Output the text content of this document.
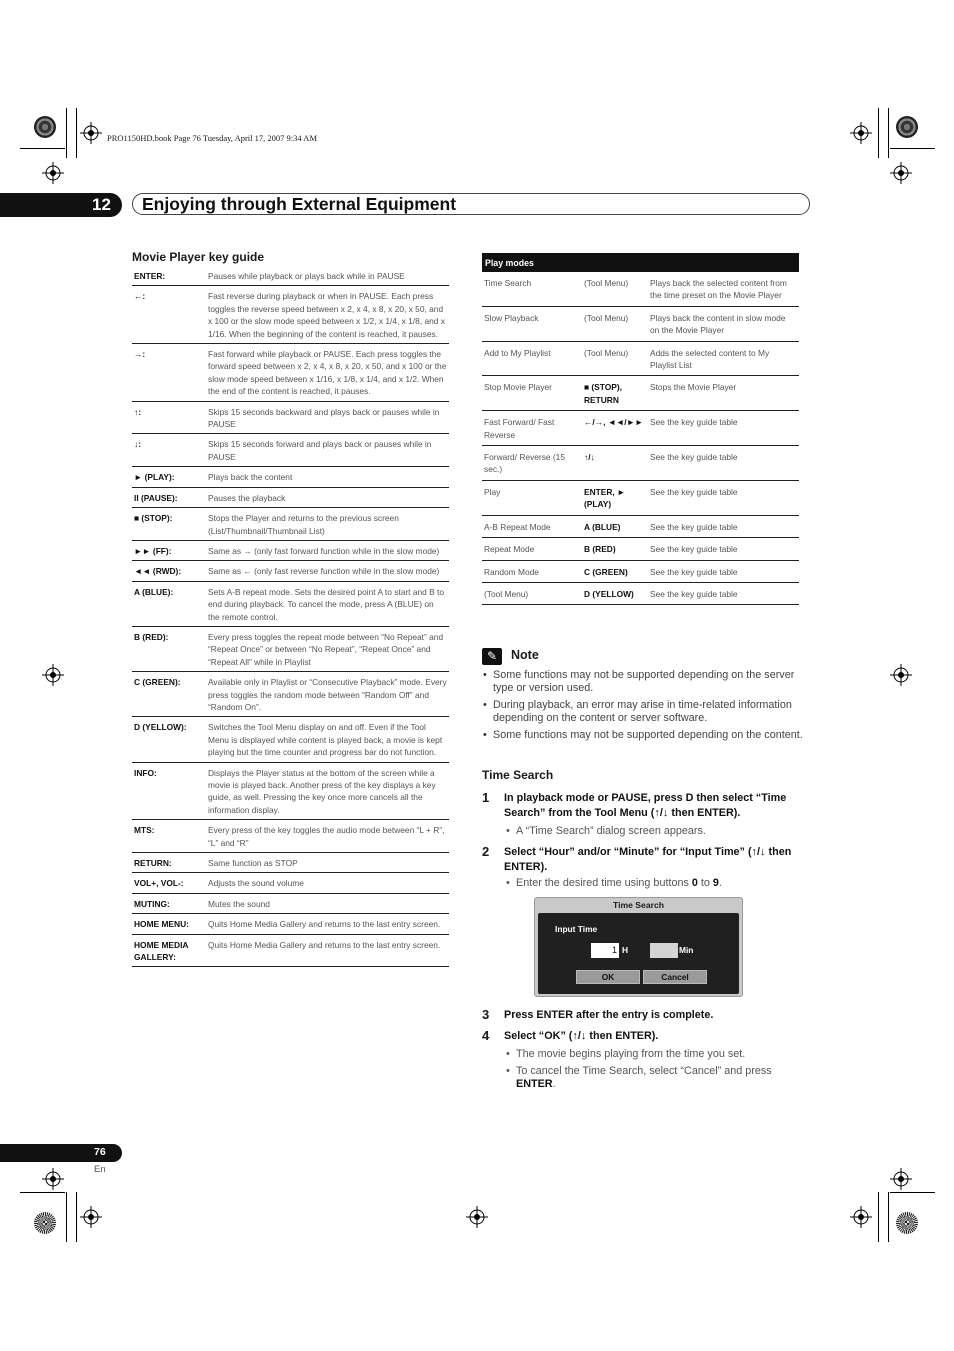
PRO1150HD.book Page 76 Tuesday, April 17, 2007 9:34 AM
12	Enjoying through External Equipment
Movie Player key guide
ENTER:	Pauses while playback or plays back while in PAUSE
←:	Fast reverse during playback or when in PAUSE. Each press toggles the reverse speed between x 2, x 4, x 8, x 20, x 50, and x 100 or the slow mode speed between x 1/2, x 1/4, x 1/8, and x 1/16. When the beginning of the content is reached, it pauses.
→:	Fast forward while playback or PAUSE. Each press toggles the forward speed between x 2, x 4, x 8, x 20, x 50, and x 100 or the slow mode speed between x 1/16, x 1/8, x 1/4, and x 1/2. When the end of the content is reached, it pauses.
↑:	Skips 15 seconds backward and plays back or pauses while in PAUSE
↓:	Skips 15 seconds forward and plays back or pauses while in PAUSE
► (PLAY):	Plays back the content
II (PAUSE):	Pauses the playback
■ (STOP):	Stops the Player and returns to the previous screen (List/Thumbnail/Thumbnail List)
►► (FF):	Same as → (only fast forward function while in the slow mode)
◄◄ (RWD):	Same as ← (only fast reverse function while in the slow mode)
A (BLUE):	Sets A-B repeat mode. Sets the desired point A to start and B to end during playback. To cancel the mode, press A (BLUE) on the remote control.
B (RED):	Every press toggles the repeat mode between “No Repeat” and “Repeat Once” or between “No Repeat”, “Repeat Once” and “Repeat All” while in Playlist
C (GREEN):	Available only in Playlist or “Consecutive Playback” mode. Every press toggles the random mode between “Random Off” and “Random On”.
D (YELLOW):	Switches the Tool Menu display on and off. Even if the Tool Menu is displayed while content is played back, a movie is kept playing but the time counter and progress bar do not function.
INFO:	Displays the Player status at the bottom of the screen while a movie is played back. Another press of the key displays a key guide, as well. Pressing the key once more cancels all the information display.
MTS:	Every press of the key toggles the audio mode between “L + R”, “L” and “R”
RETURN:	Same function as STOP
VOL+, VOL-:	Adjusts the sound volume
MUTING:	Mutes the sound
HOME MENU:	Quits Home Media Gallery and returns to the last entry screen.
HOME MEDIA GALLERY:	Quits Home Media Gallery and returns to the last entry screen.
Play modes		
Time Search	(Tool Menu)	Plays back the selected content from the time preset on the Movie Player
Slow Playback	(Tool Menu)	Plays back the content in slow mode on the Movie Player
Add to My Playlist	(Tool Menu)	Adds the selected content to My Playlist List
Stop Movie Player	■ (STOP), RETURN	Stops the Movie Player
Fast Forward/ Fast Reverse	←/→, ◄◄/►►	See the key guide table
Forward/ Reverse (15 sec.)	↑/↓	See the key guide table
Play	ENTER, ► (PLAY)	See the key guide table
A-B Repeat Mode	A (BLUE)	See the key guide table
Repeat Mode	B (RED)	See the key guide table
Random Mode	C (GREEN)	See the key guide table
(Tool Menu)	D (YELLOW)	See the key guide table
✎	Note
• Some functions may not be supported depending on the server type or version used.
• During playback, an error may arise in time-related information depending on the content or server software.
• Some functions may not be supported depending on the content.
Time Search
1 In playback mode or PAUSE, press D then select “Time Search” from the Tool Menu (↑/↓ then ENTER).
• A “Time Search” dialog screen appears.
2 Select “Hour” and/or “Minute” for “Input Time” (↑/↓ then ENTER).
• Enter the desired time using buttons 0 to 9.
Time Search
Input Time
1 H	Min
OK	Cancel
3 Press ENTER after the entry is complete.
4 Select “OK” (↑/↓ then ENTER).
• The movie begins playing from the time you set.
• To cancel the Time Search, select “Cancel” and press ENTER.
76
En
